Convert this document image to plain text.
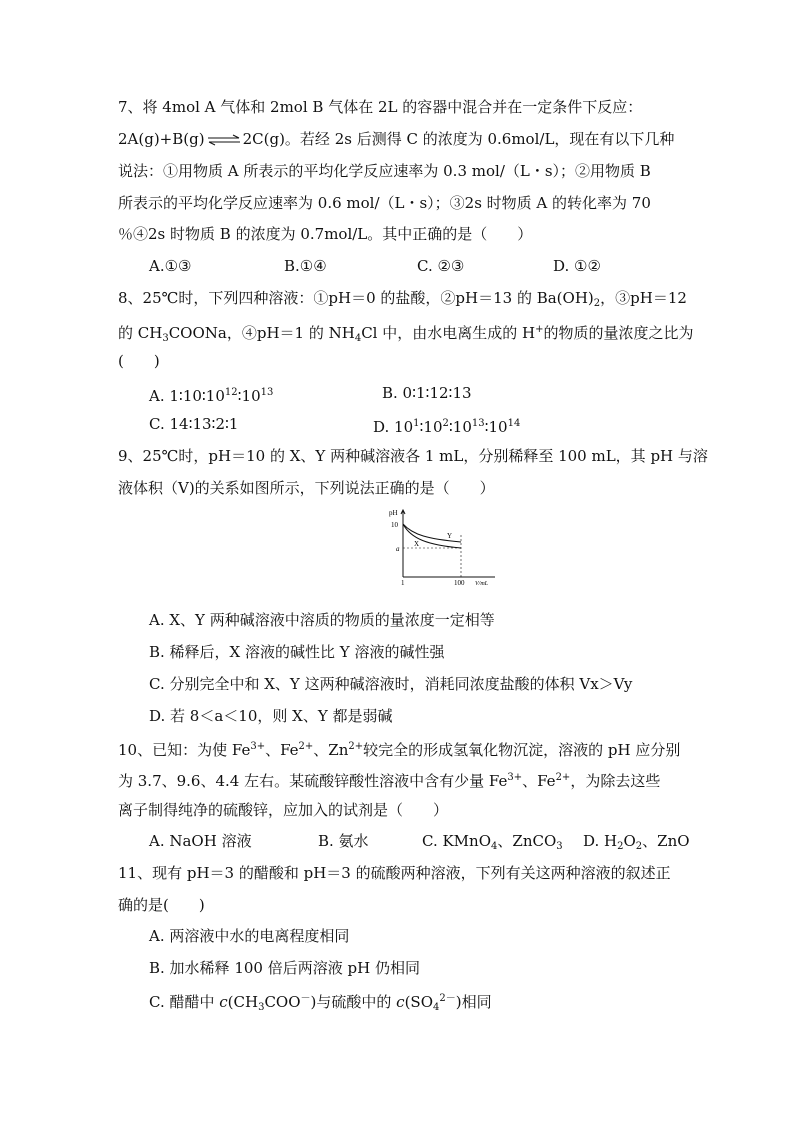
7、将 4mol A 气体和 2mol B 气体在 2L 的容器中混合并在一定条件下反应：
2A(g)+B(g) ⇌ 2C(g)。若经 2s 后测得 C 的浓度为 0.6mol/L，现在有以下几种
说法：①用物质 A 所表示的平均化学反应速率为 0.3 mol/（L・s）；②用物质 B
所表示的平均化学反应速率为 0.6 mol/（L・s）；③2s 时物质 A 的转化率为 70
％④2s 时物质 B 的浓度为 0.7mol/L。其中正确的是（　　）
A.①③	B.①④	C. ②③	D. ①②
8、25℃时，下列四种溶液：①pH＝0 的盐酸，②pH＝13 的 $Ba(OH)_2$，③pH＝12
的 $CH_3COONa$，④pH＝1 的 $NH_4Cl$ 中，由水电离生成的 H+的物质的量浓度之比为
(　　)
A. $1∶10∶10^{12}∶10^{13}$	B. 0∶1∶12∶13
C. 14∶13∶2∶1	D. $10^1∶10^2∶10^{13}∶10^{14}$
9、25℃时，pH＝10 的 X、Y 两种碱溶液各 1 mL，分别稀释至 100 mL，其 pH 与溶
液体积（V)的关系如图所示，下列说法正确的是（　　）
pH
10
a
X
Y
1	100 V/mL
A. X、Y 两种碱溶液中溶质的物质的量浓度一定相等
B. 稀释后，X 溶液的碱性比 Y 溶液的碱性强
C. 分别完全中和 X、Y 这两种碱溶液时，消耗同浓度盐酸的体积 Vx＞Vy
D. 若 8＜a＜10，则 X、Y 都是弱碱
10、已知：为使 $Fe^{3+}$、$Fe^{2+}$、$Zn^{2+}$较完全的形成氢氧化物沉淀，溶液的 pH 应分别
为 3.7、9.6、4.4 左右。某硫酸锌酸性溶液中含有少量 $Fe^{3+}$、$Fe^{2+}$，为除去这些
离子制得纯净的硫酸锌，应加入的试剂是（　　）
A. NaOH 溶液	B. 氨水	C. KMnO$_4$、ZnCO$_3$ D. $H_2O_2$、ZnO
11、现有 pH＝3 的醋酸和 pH＝3 的硫酸两种溶液，下列有关这两种溶液的叙述正
确的是(　　)
A. 两溶液中水的电离程度相同
B. 加水稀释 100 倍后两溶液 pH 仍相同
C. 醋醋中 $c(CH_3COO^-)$与硫酸中的 $c(SO_4^{2-})$相同
